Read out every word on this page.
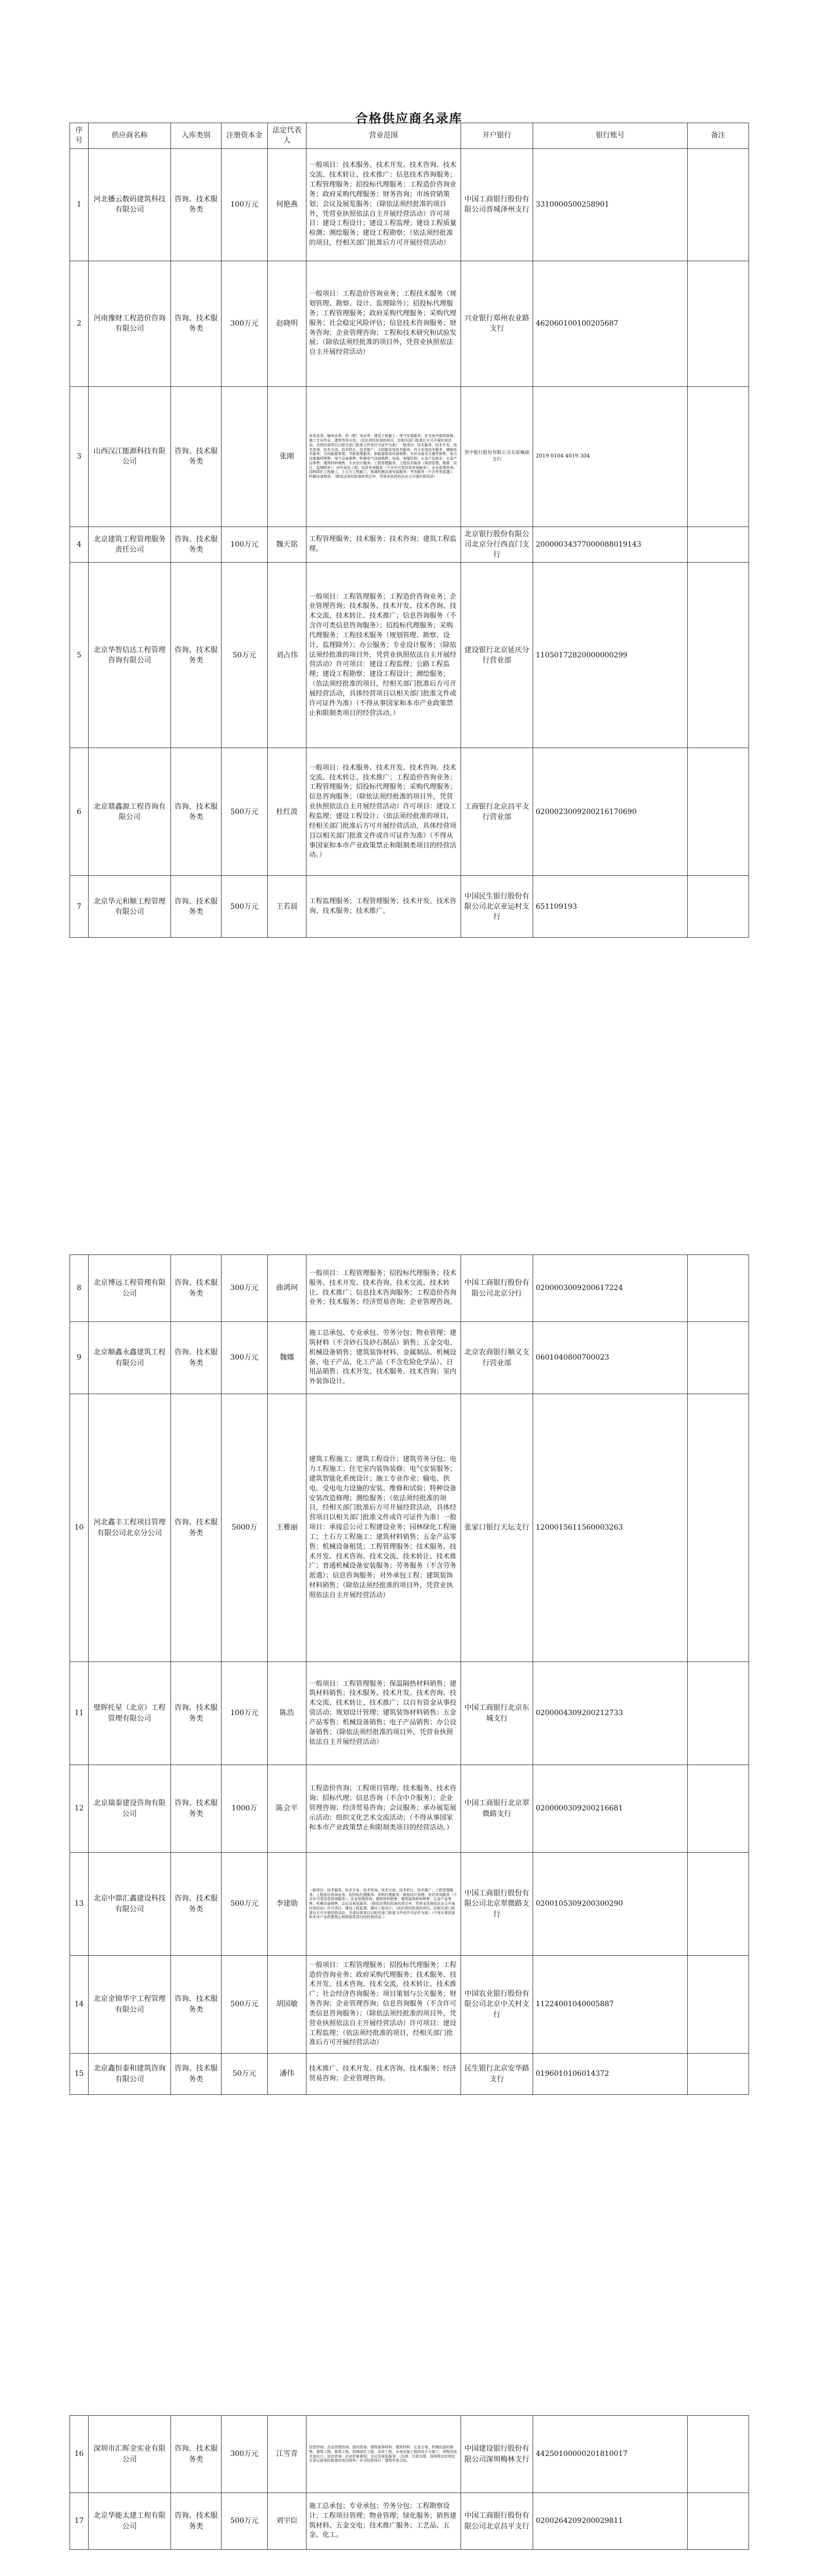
合格供应商名录库
序号	供应商名称	入库类别	注册资本金	法定代表人	营业范围	开户银行	银行账号	备注
1	河北播云数码建筑科技有限公司	咨询、技术服务类	100万元	何艳燕	一般项目：技术服务、技术开发、技术咨询、技术交流、技术转让、技术推广；信息技术咨询服务；工程管理服务；招投标代理服务；工程造价咨询业务；政府采购代理服务；财务咨询；市场营销策划；会议及展览服务；（除依法须经批准的项目外，凭营业执照依法自主开展经营活动）许可项目：建设工程设计；建设工程监理；建设工程质量检测；测绘服务；建设工程勘察；（依法须经批准的项目，经相关部门批准后方可开展经营活动）	中国工商银行股份有限公司晋城泽州支行	3310000500258901	
2	河南豫财工程造价咨询有限公司	咨询、技术服务类	300万元	赵晓明	一般项目：工程造价咨询业务；工程技术服务（规划管理、勘察、设计、监理除外）；招投标代理服务；工程管理服务；政府采购代理服务；采购代理服务；社会稳定风险评估；信息技术咨询服务；财务咨询；企业管理咨询；工程和技术研究和试验发展；（除依法须经批准的项目外，凭营业执照依法自主开展经营活动）	兴业银行郑州农业路支行	462060100100205687	
3	山西汉江能源科技有限公司	咨询、技术服务类		张刚	发电业务、输电业务、供（配）电业务；建设工程施工；电气安装服务；住宅室内装饰装修；施工专业作业；建筑劳务分包。（依法须经批准的项目，经相关部门批准后方可开展经营活动，具体经营项目以相关部门批准文件或许可证件为准）一般项目：技术服务、技术开发、技术咨询、技术交流、技术转让、技术推广；太阳能发电技术服务；风力发电技术服务；储能技术服务；合同能源管理；节能管理服务；新能源原动设备销售；光伏设备及元器件销售；电力设施器材销售；电气设备销售；机械电气设备销售；电线、电缆经营；五金产品批发；五金产品零售；建筑材料销售；专业设计服务；工程管理服务；工程技术服务（规划管理、勘察、设计、监理除外）；对外承包工程；信息咨询服务（不含许可类信息咨询服务）；企业管理咨询；园林绿化工程施工；土石方工程施工；普通机械设备安装服务；劳务服务（不含劳务派遣）；机械设备租赁。（除依法须经批准的项目外，凭营业执照依法自主开展经营活动）	晋中银行股份有限公司太原城南支行	2019 0104 4019 304	
4	北京建筑工程管理服务责任公司	咨询、技术服务类	100万元	魏天铭	工程管理服务；技术服务；技术咨询；建筑工程监理。	北京银行股份有限公司北京分行西直门支行	20000034377000088019143	
5	北京华智信达工程管理咨询有限公司	咨询、技术服务类	50万元	刘占伟	一般项目：工程管理服务；工程造价咨询业务；企业管理咨询；技术服务、技术开发、技术咨询、技术交流、技术转让、技术推广；信息咨询服务（不含许可类信息咨询服务）；招投标代理服务；采购代理服务；工程技术服务（规划管理、勘察、设计、监理除外）；办公服务；专业设计服务；（除依法须经批准的项目外，凭营业执照依法自主开展经营活动）许可项目：建设工程监理；公路工程监理；建设工程勘察；建设工程设计；测绘服务；（依法须经批准的项目，经相关部门批准后方可开展经营活动，具体经营项目以相关部门批准文件或许可证件为准）（不得从事国家和本市产业政策禁止和限制类项目的经营活动。）	建设银行北京延庆分行营业部	11050172820000000299	
6	北京鼎鑫源工程咨询有限公司	咨询、技术服务类	500万元	杜红波	一般项目：技术服务、技术开发、技术咨询、技术交流、技术转让、技术推广；工程造价咨询业务；工程管理服务；招投标代理服务；采购代理服务；信息咨询服务；（除依法须经批准的项目外，凭营业执照依法自主开展经营活动）许可项目：建设工程监理；建设工程设计；（依法须经批准的项目，经相关部门批准后方可开展经营活动，具体经营项目以相关部门批准文件或许可证件为准）（不得从事国家和本市产业政策禁止和限制类项目的经营活动。）	工商银行北京昌平支行营业部	0200023009200216170690	
7	北京华元和顺工程管理有限公司	咨询、技术服务类	500万元	王若晨	工程监理服务；工程管理服务；技术开发、技术咨询、技术服务；技术推广。	中国民生银行股份有限公司北京亚运村支行	651109193	
8	北京博远工程管理有限公司	咨询、技术服务类	300万元	曲鸿珂	一般项目：工程管理服务；招投标代理服务；技术服务、技术开发、技术咨询、技术交流、技术转让、技术推广；信息技术咨询服务；工程造价咨询业务；技术服务；经济贸易咨询；企业管理咨询。	中国工商银行股份有限公司北京分行	0200003009200617224	
9	北京顺鑫永鑫建筑工程有限公司	咨询、技术服务类	300万元	魏娜	施工总承包、专业承包、劳务分包；物业管理；建筑材料（不含砂石及砂石制品）销售；五金交电、机械设备销售；建筑装饰材料、金属制品、机械设备、电子产品、化工产品（不含危险化学品）、日用品销售；技术开发、技术服务、技术咨询；室内外装饰设计。	北京农商银行顺义支行营业部	0601040800700023	
10	河北鑫丰工程项目管理有限公司北京分公司	咨询、技术服务类	5000万	王雅丽	建筑工程施工；建筑工程设计；建筑劳务分包；电力工程施工；住宅室内装饰装修；电气安装服务；建筑智能化系统设计；施工专业作业；输电、供电、受电电力设施的安装、维修和试验；特种设备安装改造修理；测绘服务；（依法须经批准的项目，经相关部门批准后方可开展经营活动，具体经营项目以相关部门批准文件或许可证件为准）一般项目：承接总公司工程建设业务；园林绿化工程施工；土石方工程施工；建筑材料销售；五金产品零售；机械设备租赁；工程管理服务；技术服务、技术开发、技术咨询、技术交流、技术转让、技术推广；普通机械设备安装服务；劳务服务（不含劳务派遣）；信息咨询服务；对外承包工程；建筑装饰材料销售；（除依法须经批准的项目外，凭营业执照依法自主开展经营活动）	张家口银行天坛支行	1200015611560003263	
11	璧晖托星（北京）工程管理有限公司	咨询、技术服务类	100万元	陈浩	一般项目：工程管理服务；保温隔热材料销售；建筑材料销售；技术服务、技术开发、技术咨询、技术交流、技术转让、技术推广；以自有资金从事投资活动；规划设计管理；建筑装饰材料销售；五金产品零售；机械设备销售；电子产品销售；办公设备销售；（除依法须经批准的项目外，凭营业执照依法自主开展经营活动）	中国工商银行北京东城支行	0200004309200212733	
12	北京瑞泰建设咨询有限公司	咨询、技术服务类	1000万	陈会平	工程造价咨询；工程项目管理；技术服务、技术咨询；招标代理；信息咨询（不含中介服务）；企业管理咨询；经济贸易咨询；会议服务；承办展览展示活动；组织文化艺术交流活动；（不得从事国家和本市产业政策禁止和限制类项目的经营活动。）	中国工商银行北京翠微路支行	0200000309200216681	
13	北京中鼎汇鑫建设科技有限公司	咨询、技术服务类	500万元	李建勋	一般项目：技术服务、技术开发、技术咨询、技术交流、技术转让、技术推广；工程管理服务；工程造价咨询业务；招投标代理服务；采购代理服务；规划设计管理；信息咨询服务（不含许可类信息咨询服务）；企业管理咨询；建筑材料销售；建筑装饰材料销售；五金产品零售；机械设备销售；会议及展览服务；（除依法须经批准的项目外，凭营业执照依法自主开展经营活动）许可项目：建设工程监理；建设工程设计；（依法须经批准的项目，经相关部门批准后方可开展经营活动，具体经营项目以相关部门批准文件或许可证件为准）（不得从事国家和本市产业政策禁止和限制类项目的经营活动。）	中国工商银行股份有限公司北京翠微路支行	0200105309200300290	
14	北京金锦华宇工程管理有限公司	咨询、技术服务类	500万元	胡国敏	一般项目：工程管理服务；招投标代理服务；工程造价咨询业务；政府采购代理服务；技术服务、技术开发、技术咨询、技术交流、技术转让、技术推广；社会经济咨询服务；项目策划与公关服务；财务咨询；企业管理咨询；信息咨询服务（不含许可类信息咨询服务）；（除依法须经批准的项目外，凭营业执照依法自主开展经营活动）许可项目：建设工程监理；（依法须经批准的项目，经相关部门批准后方可开展经营活动）	中国农业银行股份有限公司北京中关村支行	11224001040005887	
15	北京鑫恒泰和建筑咨询有限公司	咨询、技术服务类	50万元	潘伟	技术推广、技术开发、技术咨询、技术服务；经济贸易咨询；企业管理咨询。	民生银行北京安华路支行	0196010106014372	
16	深圳市汇晖金实业有限公司	咨询、技术服务类	300万元	江雪青	投资咨询、企业管理咨询、国内贸易；建筑装饰材料、建筑材料、五金交电、机械设备的销售；建筑工程、装饰工程、园林绿化工程、市政工程、水电安装工程的设计与施工；货物及技术进出口；信息咨询；企业形象策划；会议及展览服务；（法律、行政法规、国务院决定规定在登记前须经批准的项目除外）许可经营项目：建筑劳务分包。	中国建设银行股份有限公司深圳梅林支行	44250100000201810017	
17	北京华能太建工程有限公司	咨询、技术服务类	500万元	刘宇臣	施工总承包；专业承包；劳务分包；工程勘察设计；工程项目管理；物业管理；绿化服务；销售建筑材料、五金交电；技术推广服务；工艺品、五金、化工。	中国工商银行股份有限公司北京昌平支行	0200264209200029811	
